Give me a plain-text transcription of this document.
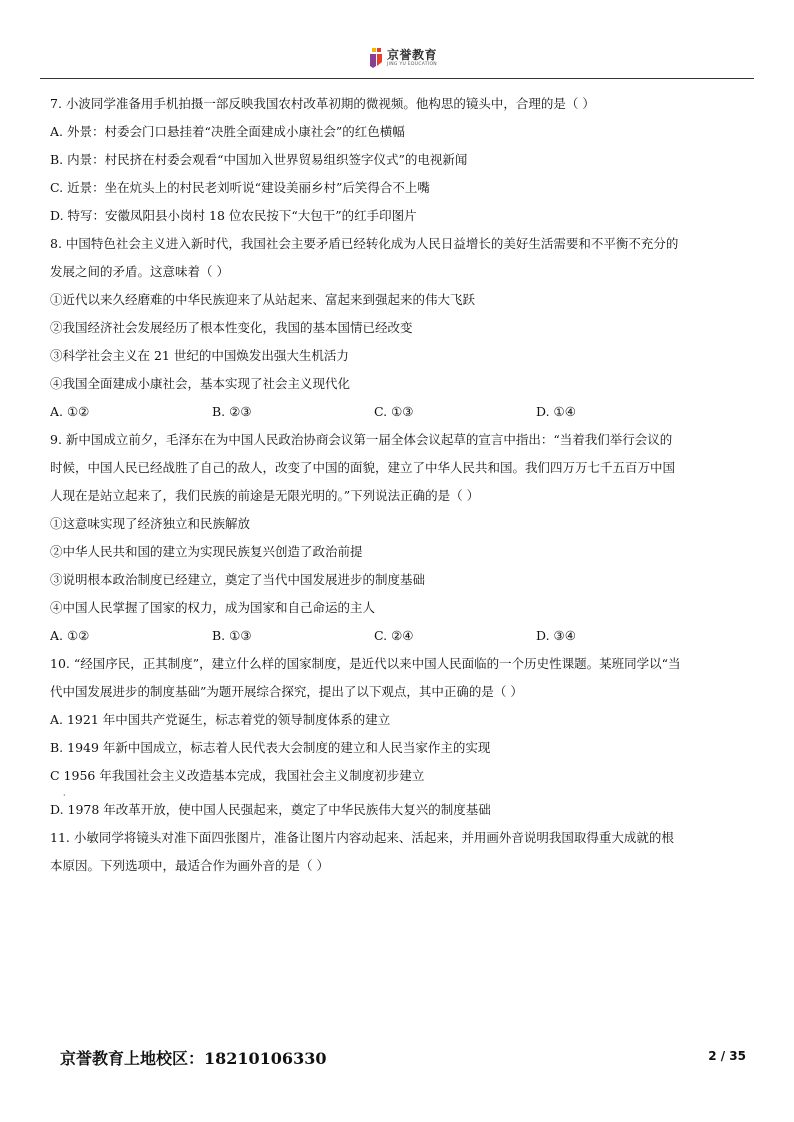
京誉教育
JING YU EDUCATION
7. 小波同学准备用手机拍摄一部反映我国农村改革初期的微视频。他构思的镜头中，合理的是（ ）
A. 外景：村委会门口悬挂着“决胜全面建成小康社会”的红色横幅
B. 内景：村民挤在村委会观看“中国加入世界贸易组织签字仪式”的电视新闻
C. 近景：坐在炕头上的村民老刘听说“建设美丽乡村”后笑得合不上嘴
D. 特写：安徽凤阳县小岗村 18 位农民按下“大包干”的红手印图片
8. 中国特色社会主义进入新时代，我国社会主要矛盾已经转化成为人民日益增长的美好生活需要和不平衡不充分的
发展之间的矛盾。这意味着（ ）
①近代以来久经磨难的中华民族迎来了从站起来、富起来到强起来的伟大飞跃
②我国经济社会发展经历了根本性变化，我国的基本国情已经改变
③科学社会主义在 21 世纪的中国焕发出强大生机活力
④我国全面建成小康社会，基本实现了社会主义现代化
A. ①②	B. ②③	C. ①③	D. ①④
9. 新中国成立前夕，毛泽东在为中国人民政治协商会议第一届全体会议起草的宣言中指出：“当着我们举行会议的
时候，中国人民已经战胜了自己的敌人，改变了中国的面貌，建立了中华人民共和国。我们四万万七千五百万中国
人现在是站立起来了，我们民族的前途是无限光明的。”下列说法正确的是（ ）
①这意味实现了经济独立和民族解放
②中华人民共和国的建立为实现民族复兴创造了政治前提
③说明根本政治制度已经建立，奠定了当代中国发展进步的制度基础
④中国人民掌握了国家的权力，成为国家和自己命运的主人
A. ①②	B. ①③	C. ②④	D. ③④
10. “经国序民，正其制度”，建立什么样的国家制度，是近代以来中国人民面临的一个历史性课题。某班同学以“当
代中国发展进步的制度基础”为题开展综合探究，提出了以下观点，其中正确的是（ ）
A. 1921 年中国共产党诞生，标志着党的领导制度体系的建立
B. 1949 年新中国成立，标志着人民代表大会制度的建立和人民当家作主的实现
C 1956 年我国社会主义改造基本完成，我国社会主义制度初步建立
·
D. 1978 年改革开放，使中国人民强起来，奠定了中华民族伟大复兴的制度基础
11. 小敏同学将镜头对准下面四张图片，准备让图片内容动起来、活起来，并用画外音说明我国取得重大成就的根
本原因。下列选项中，最适合作为画外音的是（ ）
京誉教育上地校区：18210106330	2 / 35
